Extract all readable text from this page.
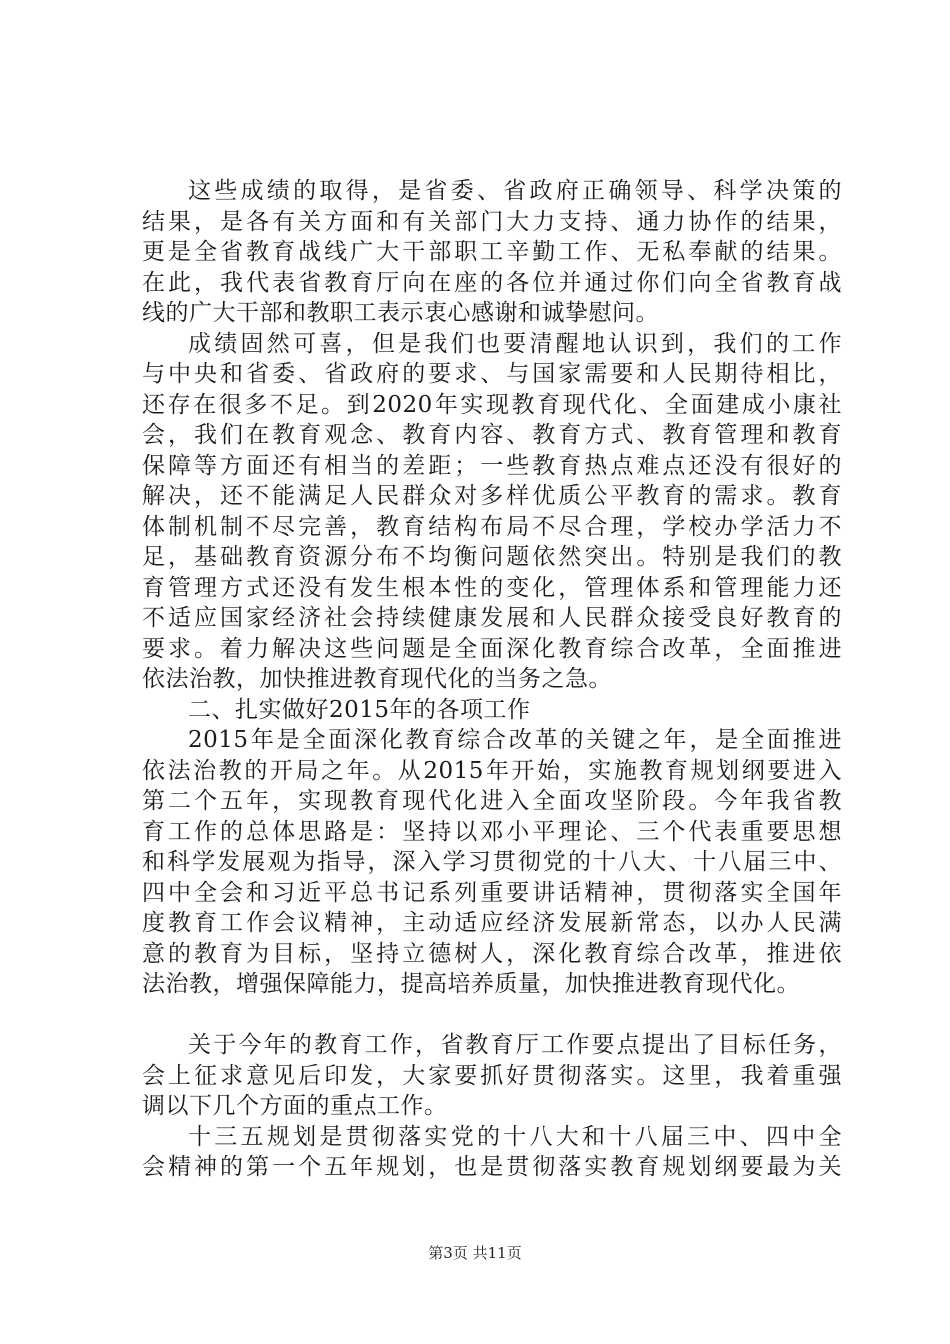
这些成绩的取得，是省委、省政府正确领导、科学决策的
结果，是各有关方面和有关部门大力支持、通力协作的结果，
更是全省教育战线广大干部职工辛勤工作、无私奉献的结果。
在此，我代表省教育厅向在座的各位并通过你们向全省教育战
线的广大干部和教职工表示衷心感谢和诚挚慰问。
成绩固然可喜，但是我们也要清醒地认识到，我们的工作
与中央和省委、省政府的要求、与国家需要和人民期待相比，
还存在很多不足。到2020年实现教育现代化、全面建成小康社
会，我们在教育观念、教育内容、教育方式、教育管理和教育
保障等方面还有相当的差距；一些教育热点难点还没有很好的
解决，还不能满足人民群众对多样优质公平教育的需求。教育
体制机制不尽完善，教育结构布局不尽合理，学校办学活力不
足，基础教育资源分布不均衡问题依然突出。特别是我们的教
育管理方式还没有发生根本性的变化，管理体系和管理能力还
不适应国家经济社会持续健康发展和人民群众接受良好教育的
要求。着力解决这些问题是全面深化教育综合改革，全面推进
依法治教，加快推进教育现代化的当务之急。
二、扎实做好2015年的各项工作
2015年是全面深化教育综合改革的关键之年，是全面推进
依法治教的开局之年。从2015年开始，实施教育规划纲要进入
第二个五年，实现教育现代化进入全面攻坚阶段。今年我省教
育工作的总体思路是：坚持以邓小平理论、三个代表重要思想
和科学发展观为指导，深入学习贯彻党的十八大、十八届三中、
四中全会和习近平总书记系列重要讲话精神，贯彻落实全国年
度教育工作会议精神，主动适应经济发展新常态，以办人民满
意的教育为目标，坚持立德树人，深化教育综合改革，推进依
法治教，增强保障能力，提高培养质量，加快推进教育现代化。
关于今年的教育工作，省教育厅工作要点提出了目标任务，
会上征求意见后印发，大家要抓好贯彻落实。这里，我着重强
调以下几个方面的重点工作。
十三五规划是贯彻落实党的十八大和十八届三中、四中全
会精神的第一个五年规划，也是贯彻落实教育规划纲要最为关
第3页 共11页
